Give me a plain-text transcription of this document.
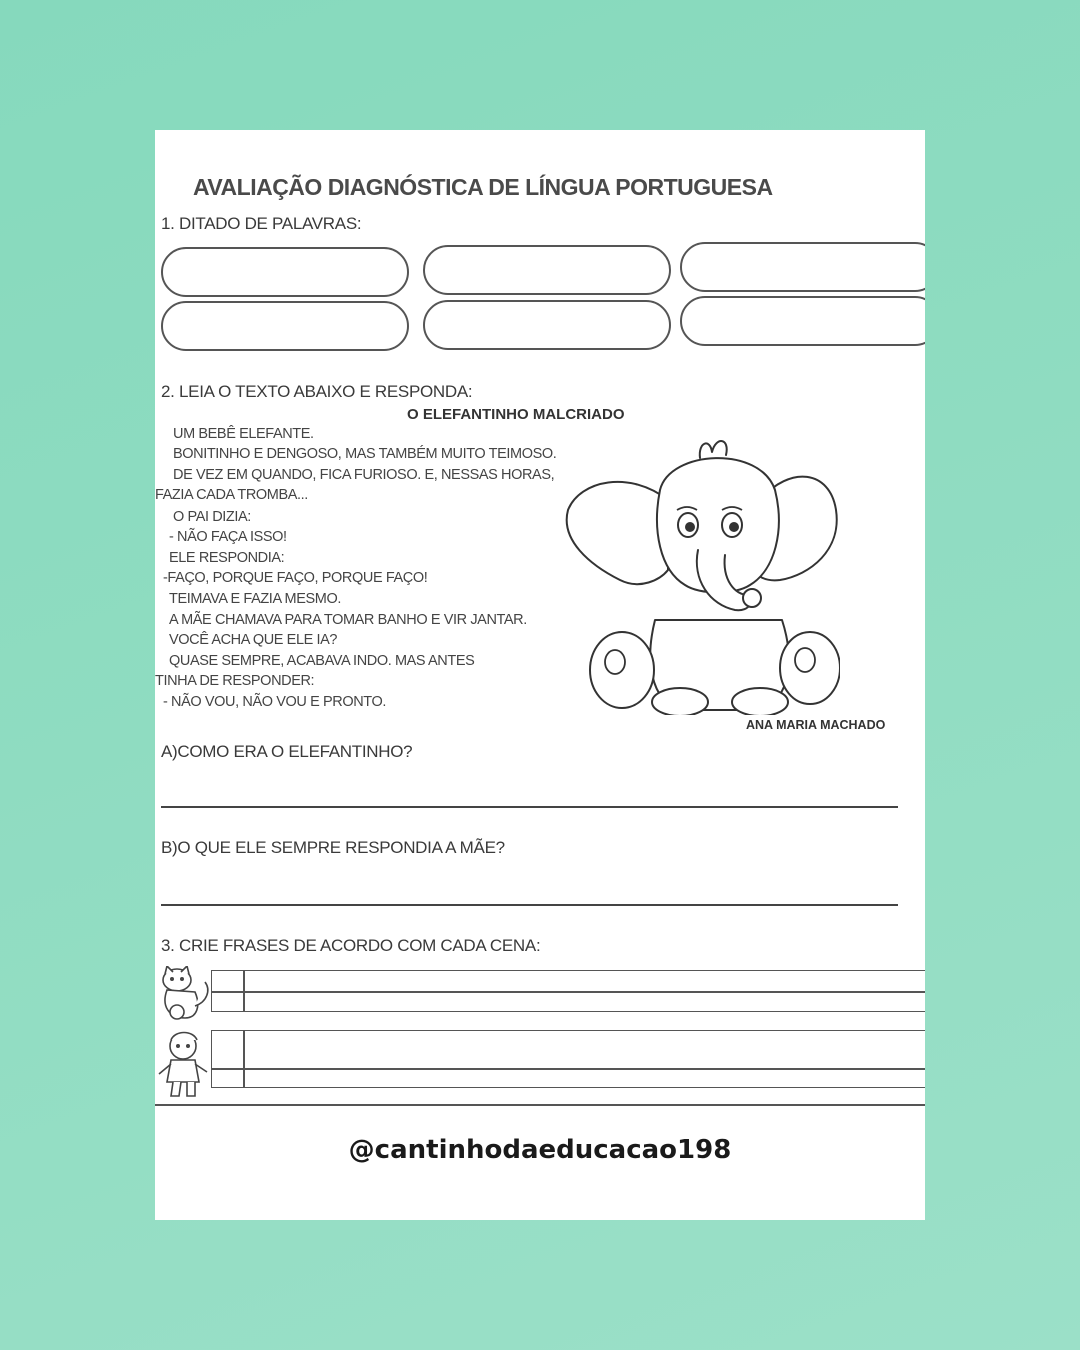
AVALIAÇÃO DIAGNÓSTICA DE LÍNGUA PORTUGUESA
1. DITADO DE PALAVRAS:
2. LEIA O TEXTO ABAIXO E RESPONDA:
O ELEFANTINHO MALCRIADO
UM BEBÊ ELEFANTE.
BONITINHO E DENGOSO, MAS TAMBÉM MUITO TEIMOSO.
DE VEZ EM QUANDO, FICA FURIOSO. E, NESSAS HORAS,
FAZIA CADA TROMBA...
O PAI DIZIA:
- NÃO FAÇA ISSO!
ELE RESPONDIA:
-FAÇO, PORQUE FAÇO, PORQUE FAÇO!
TEIMAVA E FAZIA MESMO.
A MÃE CHAMAVA PARA TOMAR BANHO E VIR JANTAR.
VOCÊ ACHA QUE ELE IA?
QUASE SEMPRE, ACABAVA INDO. MAS ANTES
TINHA DE RESPONDER:
- NÃO VOU, NÃO VOU E PRONTO.
ANA MARIA MACHADO
A)COMO ERA O ELEFANTINHO?
B)O QUE ELE SEMPRE RESPONDIA A MÃE?
3. CRIE FRASES DE ACORDO COM CADA CENA:
@cantinhodaeducacao198
